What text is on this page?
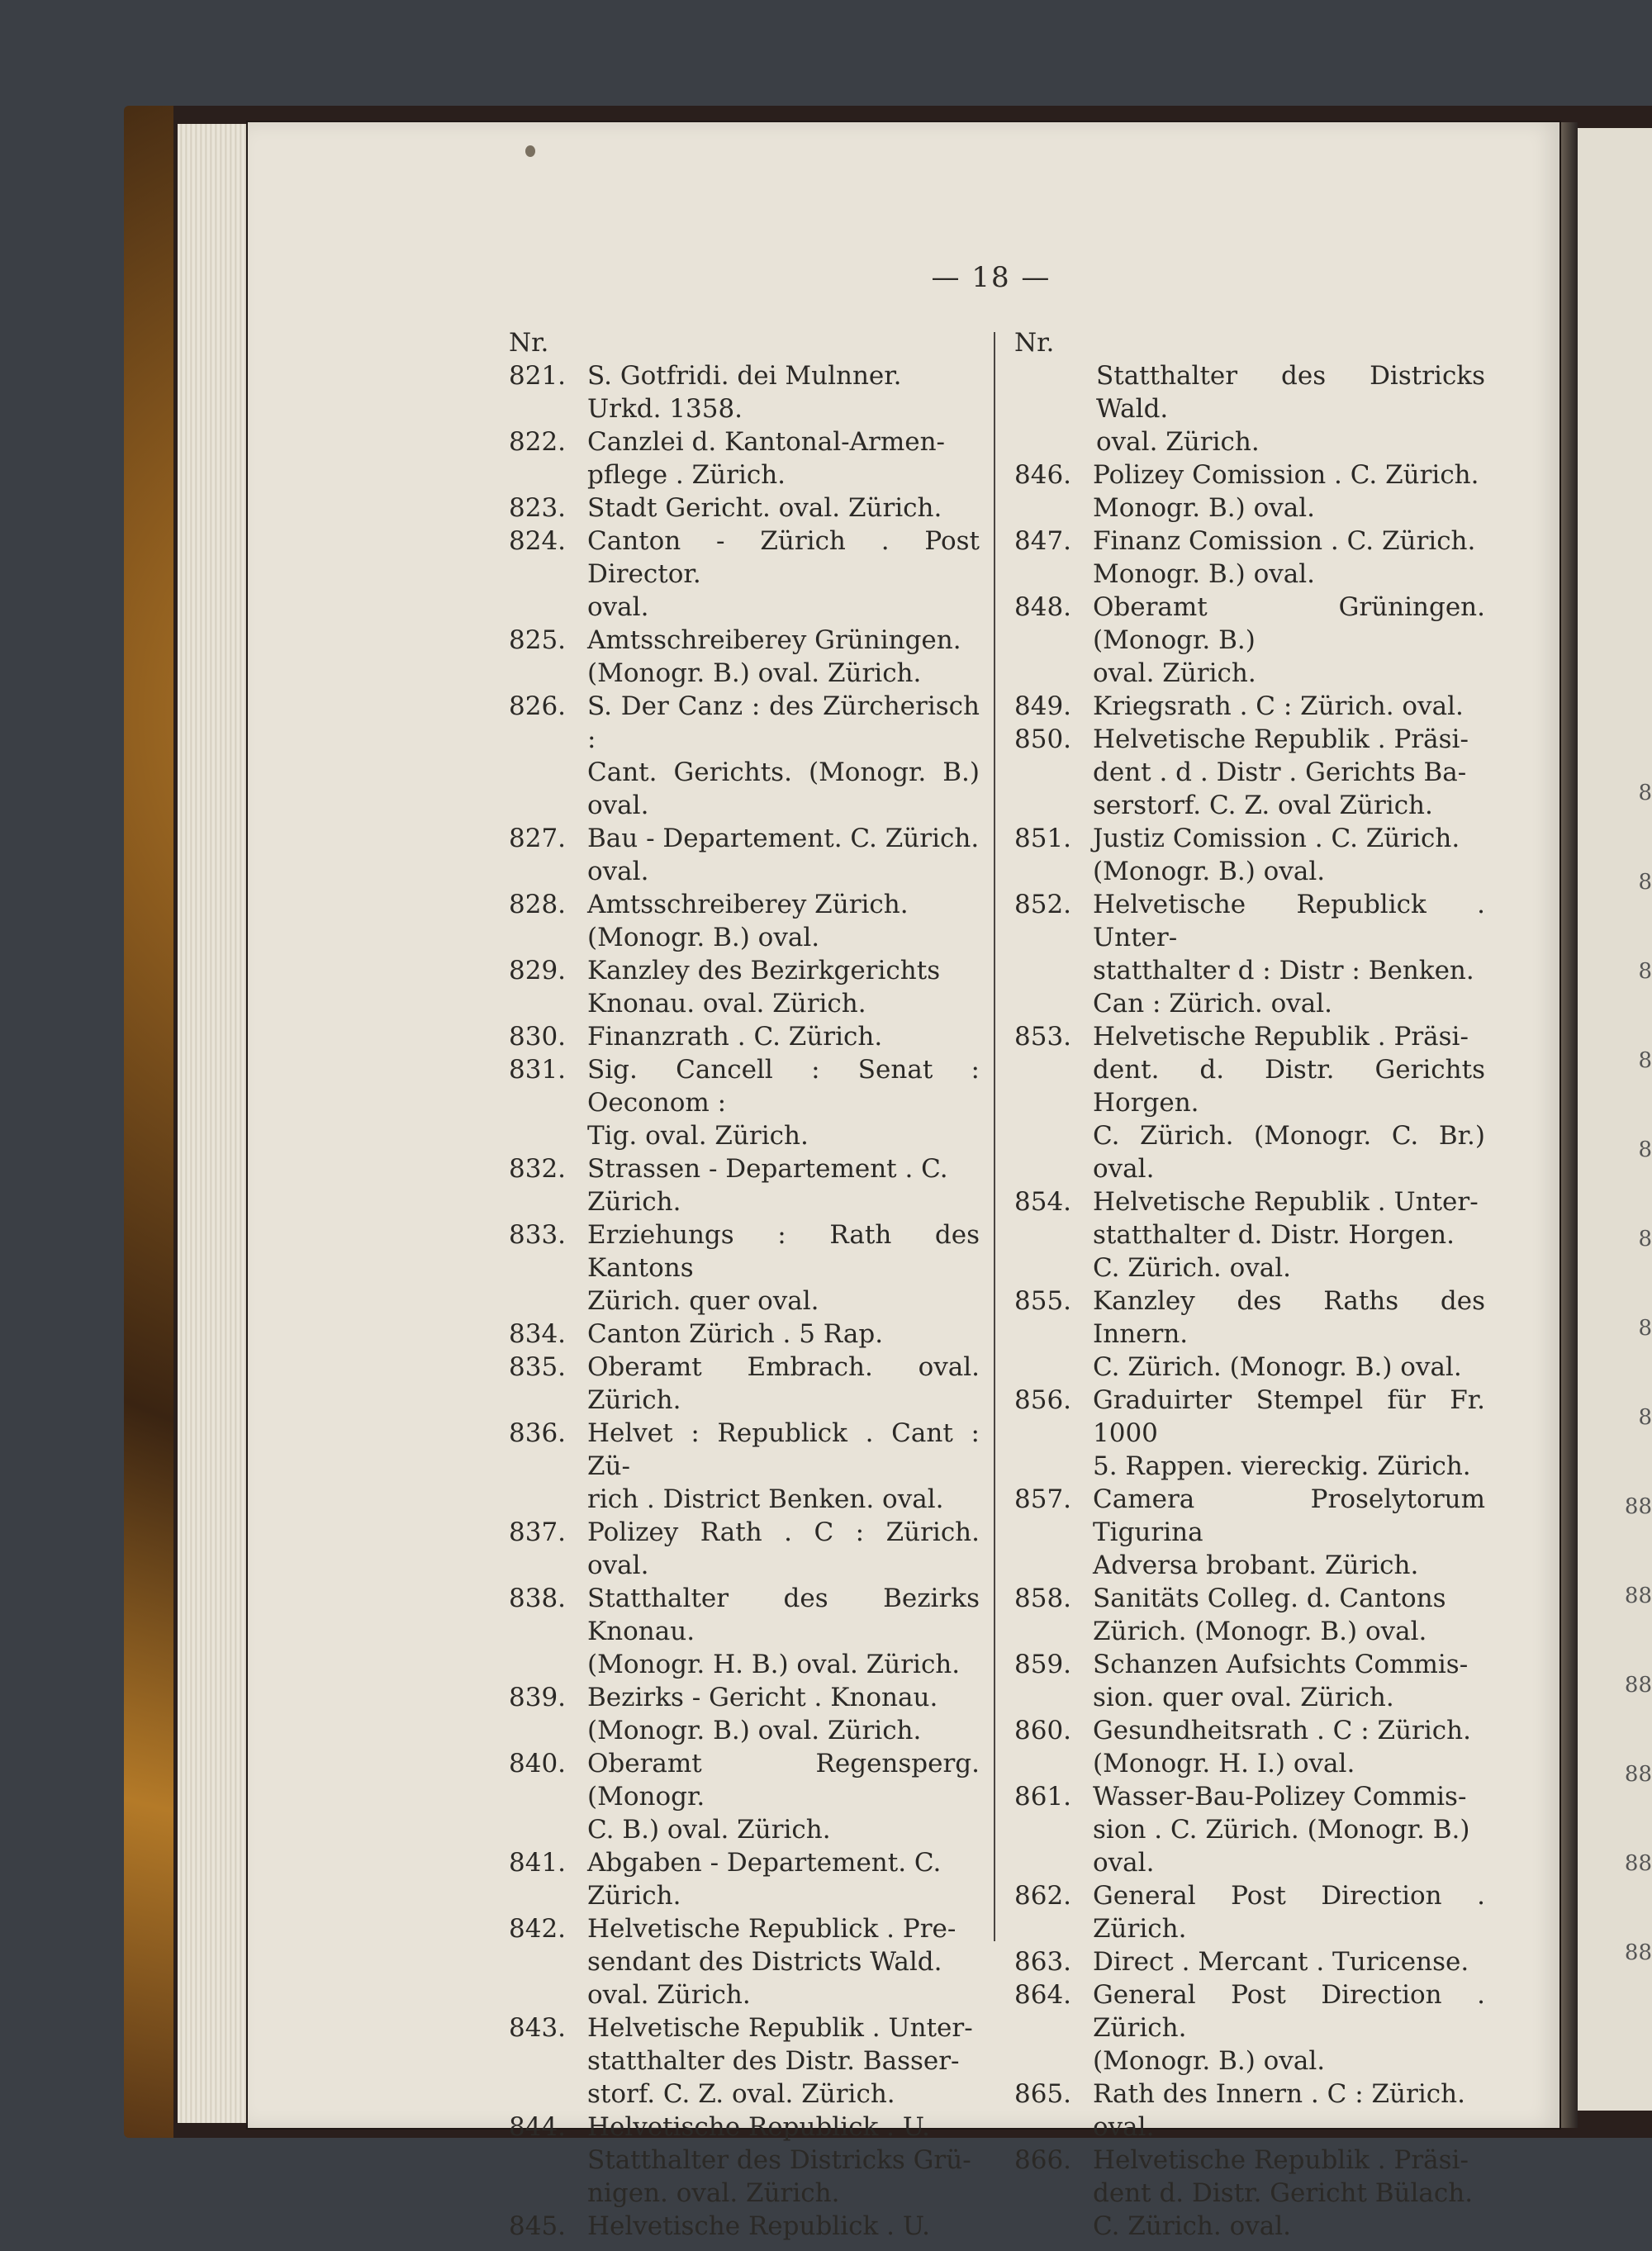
8
8
8
8
8
8
8
8
88
88
88
88
88
88
— 18 —
Nr.
821. S. Gotfridi. dei Mulnner.
Urkd. 1358.
822. Canzlei d. Kantonal-Armen-
pflege . Zürich.
823. Stadt Gericht. oval. Zürich.
824. Canton - Zürich . Post Director.
oval.
825. Amtsschreiberey Grüningen.
(Monogr. B.) oval. Zürich.
826. S. Der Canz : des Zürcherisch :
Cant. Gerichts. (Monogr. B.) oval.
827. Bau - Departement. C. Zürich.
oval.
828. Amtsschreiberey Zürich.
(Monogr. B.) oval.
829. Kanzley des Bezirkgerichts
Knonau. oval. Zürich.
830. Finanzrath . C. Zürich.
831. Sig. Cancell : Senat : Oeconom :
Tig. oval. Zürich.
832. Strassen - Departement . C.
Zürich.
833. Erziehungs : Rath des Kantons
Zürich. quer oval.
834. Canton Zürich . 5 Rap.
835. Oberamt Embrach. oval. Zürich.
836. Helvet : Republick . Cant : Zü-
rich . District Benken. oval.
837. Polizey Rath . C : Zürich. oval.
838. Statthalter des Bezirks Knonau.
(Monogr. H. B.) oval. Zürich.
839. Bezirks - Gericht . Knonau.
(Monogr. B.) oval. Zürich.
840. Oberamt Regensperg. (Monogr.
C. B.) oval. Zürich.
841. Abgaben - Departement. C.
Zürich.
842. Helvetische Republick . Pre-
sendant des Districts Wald.
oval. Zürich.
843. Helvetische Republik . Unter-
statthalter des Distr. Basser-
storf. C. Z. oval. Zürich.
844. Helvetische Republick . U.
Statthalter des Districks Grü-
nigen. oval. Zürich.
845. Helvetische Republick . U.
Nr.
Statthalter des Districks Wald.
oval. Zürich.
846. Polizey Comission . C. Zürich.
Monogr. B.) oval.
847. Finanz Comission . C. Zürich.
Monogr. B.) oval.
848. Oberamt Grüningen. (Monogr. B.)
oval. Zürich.
849. Kriegsrath . C : Zürich. oval.
850. Helvetische Republik . Präsi-
dent . d . Distr . Gerichts Ba-
serstorf. C. Z. oval Zürich.
851. Justiz Comission . C. Zürich.
(Monogr. B.) oval.
852. Helvetische Republick . Unter-
statthalter d : Distr : Benken.
Can : Zürich. oval.
853. Helvetische Republik . Präsi-
dent. d. Distr. Gerichts Horgen.
C. Zürich. (Monogr. C. Br.) oval.
854. Helvetische Republik . Unter-
statthalter d. Distr. Horgen.
C. Zürich. oval.
855. Kanzley des Raths des Innern.
C. Zürich. (Monogr. B.) oval.
856. Graduirter Stempel für Fr. 1000
5. Rappen. viereckig. Zürich.
857. Camera Proselytorum Tigurina
Adversa brobant. Zürich.
858. Sanitäts Colleg. d. Cantons
Zürich. (Monogr. B.) oval.
859. Schanzen Aufsichts Commis-
sion. quer oval. Zürich.
860. Gesundheitsrath . C : Zürich.
(Monogr. H. I.) oval.
861. Wasser-Bau-Polizey Commis-
sion . C. Zürich. (Monogr. B.)
oval.
862. General Post Direction . Zürich.
863. Direct . Mercant . Turicense.
864. General Post Direction . Zürich.
(Monogr. B.) oval.
865. Rath des Innern . C : Zürich.
oval.
866. Helvetische Republik . Präsi-
dent d. Distr. Gericht Bülach.
C. Zürich. oval.
